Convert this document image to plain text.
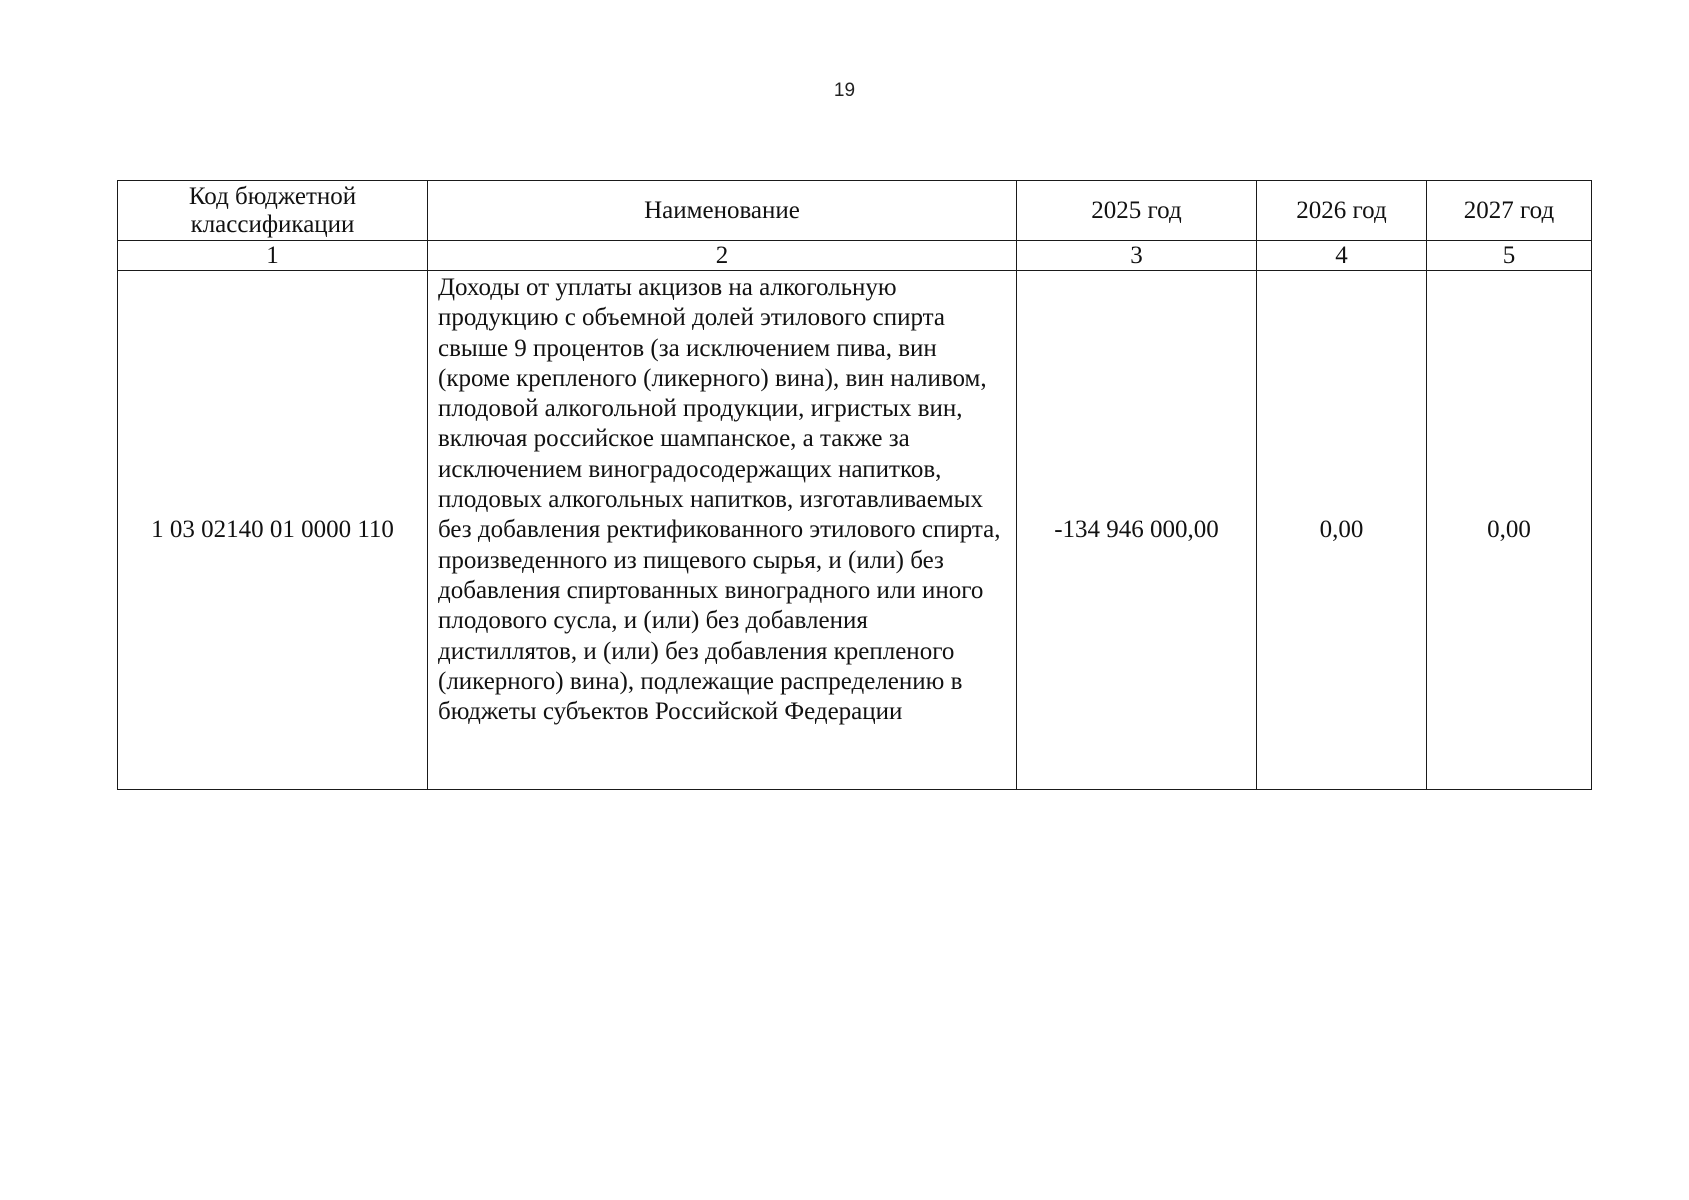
19
Код бюджетной классификации	Наименование	2025 год	2026 год	2027 год
1	2	3	4	5
1 03 02140 01 0000 110	Доходы от уплаты акцизов на алкогольную продукцию с объемной долей этилового спирта свыше 9 процентов (за исключением пива, вин (кроме крепленого (ликерного) вина), вин наливом, плодовой алкогольной продукции, игристых вин, включая российское шампанское, а также за исключением виноградосодержащих напитков, плодовых алкогольных напитков, изготавливаемых без добавления ректификованного этилового спирта, произведенного из пищевого сырья, и (или) без добавления спиртованных виноградного или иного плодового сусла, и (или) без добавления дистиллятов, и (или) без добавления крепленого (ликерного) вина), подлежащие распределению в бюджеты субъектов Российской Федерации	-134 946 000,00	0,00	0,00
